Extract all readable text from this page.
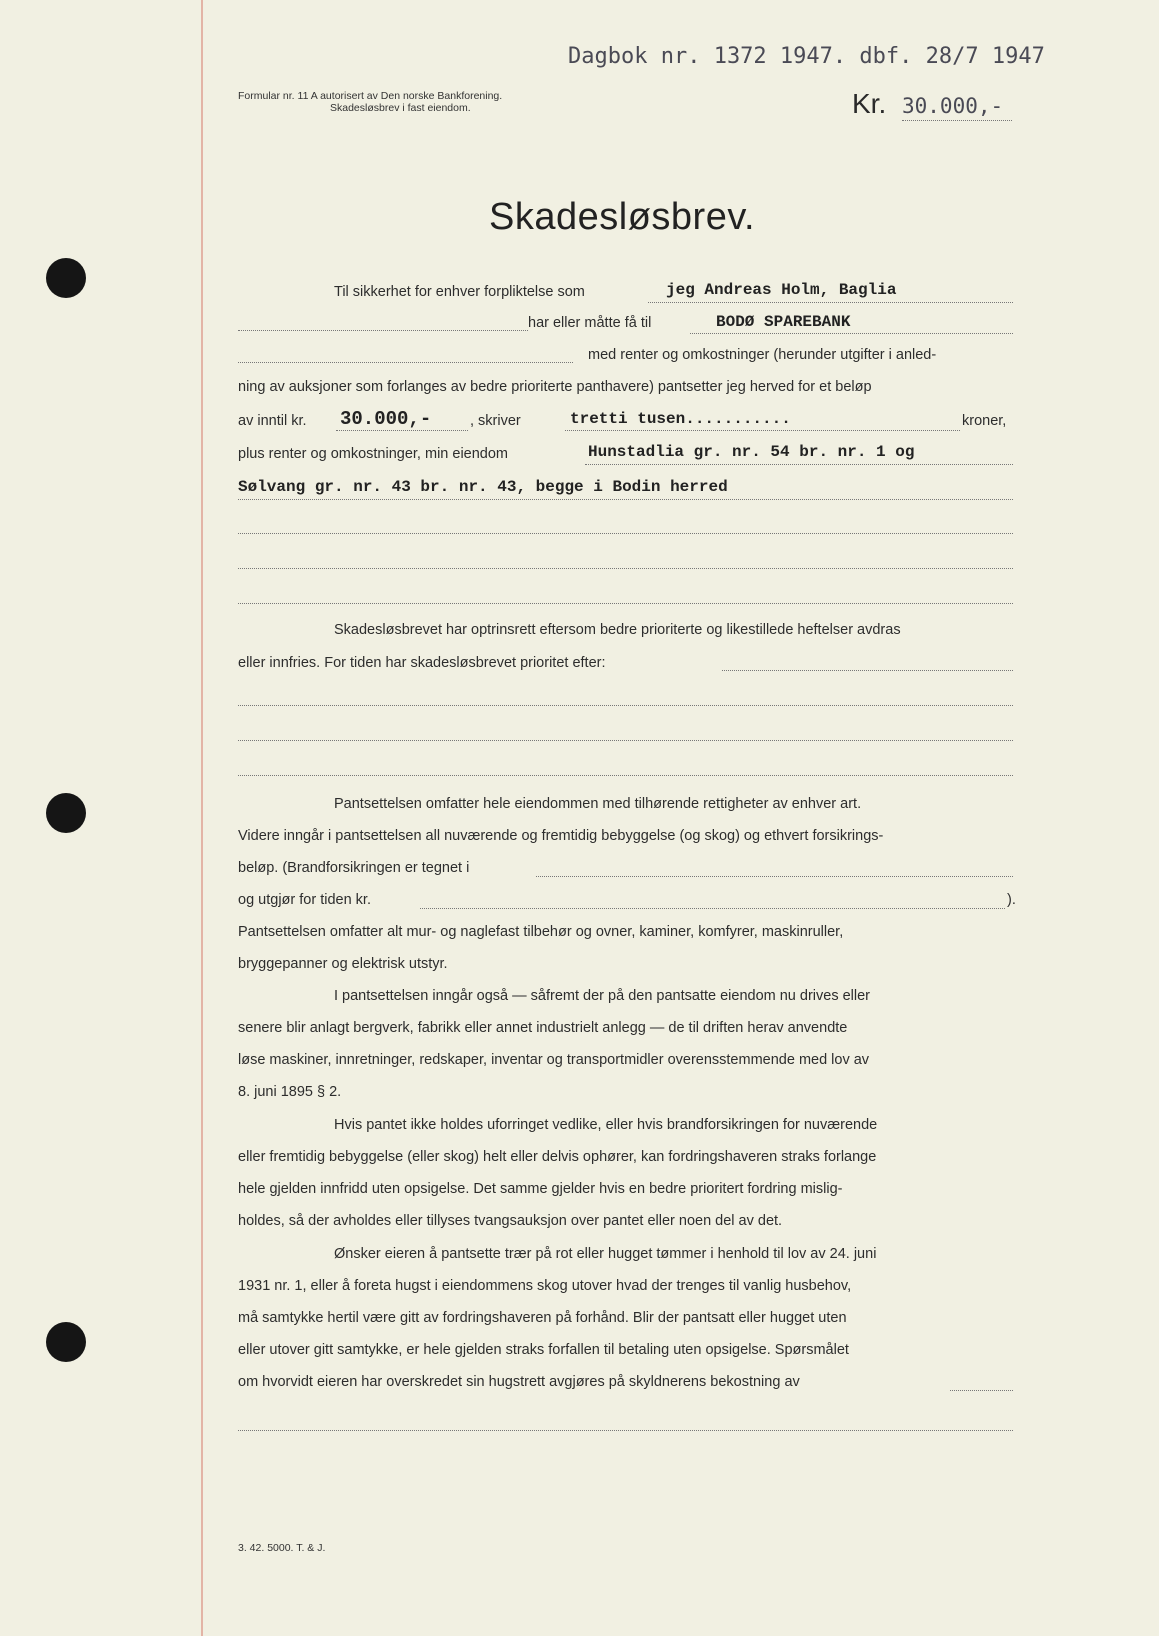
Dagbok nr. 1372 1947. dbf. 28/7 1947
Formular nr. 11 A autorisert av Den norske Bankforening.
Skadesløsbrev i fast eiendom.	Kr. 30.000,-
Skadesløsbrev.
Til sikkerhet for enhver forpliktelse som	jeg Andreas Holm, Baglia
har eller måtte få til	BODØ SPAREBANK
med renter og omkostninger (herunder utgifter i anled-
ning av auksjoner som forlanges av bedre prioriterte panthavere) pantsetter jeg herved for et beløp
av inntil kr. 30.000,-	, skriver	tretti tusen...........	kroner,
plus renter og omkostninger, min eiendom	Hunstadlia gr. nr. 54 br. nr. 1 og
Sølvang gr. nr. 43 br. nr. 43, begge i Bodin herred
Skadesløsbrevet har optrinsrett eftersom bedre prioriterte og likestillede heftelser avdras
eller innfries. For tiden har skadesløsbrevet prioritet efter:
Pantsettelsen omfatter hele eiendommen med tilhørende rettigheter av enhver art.
Videre inngår i pantsettelsen all nuværende og fremtidig bebyggelse (og skog) og ethvert forsikrings-
beløp. (Brandforsikringen er tegnet i
og utgjør for tiden kr.	).
Pantsettelsen omfatter alt mur- og naglefast tilbehør og ovner, kaminer, komfyrer, maskinruller,
bryggepanner og elektrisk utstyr.
I pantsettelsen inngår også — såfremt der på den pantsatte eiendom nu drives eller
senere blir anlagt bergverk, fabrikk eller annet industrielt anlegg — de til driften herav anvendte
løse maskiner, innretninger, redskaper, inventar og transportmidler overensstemmende med lov av
8. juni 1895 § 2.
Hvis pantet ikke holdes uforringet vedlike, eller hvis brandforsikringen for nuværende
eller fremtidig bebyggelse (eller skog) helt eller delvis ophører, kan fordringshaveren straks forlange
hele gjelden innfridd uten opsigelse. Det samme gjelder hvis en bedre prioritert fordring mislig-
holdes, så der avholdes eller tillyses tvangsauksjon over pantet eller noen del av det.
Ønsker eieren å pantsette trær på rot eller hugget tømmer i henhold til lov av 24. juni
1931 nr. 1, eller å foreta hugst i eiendommens skog utover hvad der trenges til vanlig husbehov,
må samtykke hertil være gitt av fordringshaveren på forhånd. Blir der pantsatt eller hugget uten
eller utover gitt samtykke, er hele gjelden straks forfallen til betaling uten opsigelse. Spørsmålet
om hvorvidt eieren har overskredet sin hugstrett avgjøres på skyldnerens bekostning av
3. 42. 5000. T. & J.
